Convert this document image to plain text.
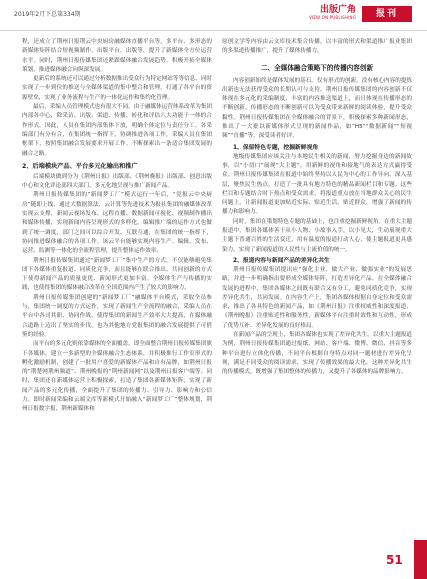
2019年2月下总第334期	出版广角
VIEW ON PUBLISHING	报刊

程，还成立了荆州日报荆云中央厨房融媒体直播平台等。多平台、多形态的新媒体矩阵结合短视频制作、出版平台、出版等，提升了新媒体全方位运营水平。同时，荆州日报传媒集团还紧跟媒体融合发展趋势，积极开拓全媒体策划，推进媒体融合向纵深发展。

更新后的系统还可以通过分析数据推出受众行为特定网站等等信息，同时实现了一步到位的推送与全媒体渠道的集中整合和管理，打通了各平台的资源壁垒，实现了业务流程与生产的一体化运作和集约化管理。

最后，采编人员管理模式也有很大不同，由于融媒体运营体系改革为集团内部各中心，除采访、出版、渠道、传播、转化和评估六大功能于一体的合作形式。因此，人员在集团内部集体下放，明确个体定位与责任分工。各采编部门有分有合，在集团统一指挥下，协调推进各项工作，采编人员在集团框架下，按照集团融合发展要求开展工作。不断探索出一条适合集团发展的融合之路。

2、后端模块产品、平台多元化输出和推广

后端模块做到分为《荆州日报》出版部、《荆州晚报》出版部、创意出版中心和文化评论部四大部门，多元化地呈现与推广新闻产品。

荆州日报传媒集团的“新闻梦工厂”模式运行一年后，“党报云中央厨房”随即上线，通过大数据算法、云计算等先进技术为报社集团的融媒体改革实现云支撑，新闻云视场发布、远程直播、数据新闻可视化、视频制作播出和媒体传播，实现新闻内容呈现形式的多样化。编辑推广端的运作方式也做到了统一调度，部门之间可以综合开发、互联互通，在集团的统一指挥下，协同推进媒体融合的各项工作。该云平台能够实现内容生产、编辑、发布、运营、监测等一体化的全流程管理，提升整体运作效率。

荆州日报传媒集团通过“新闻梦工厂”集中生产的方式，不仅能够避免集团下各媒体重复报道、同质化竞争，而且能够在联合推出、共同创新的方式下使得新闻产品的质量更优、新闻形式更加丰富。全媒体生产与传播的实践，也使得集团的媒体融合改革在全国范围内产生了较大的影响力。

荆州日报传媒集团创建的“新闻梦工厂”融媒体平台模式，采取全员参与，集团统一调度的方式运作，实现了新闻生产全流程的融合，采编人员在平台中各司其职、协同作战，使得集团的新闻生产效率大大提高，在媒体融合道路上迈出了坚实的步伐，也为其他地方党报集团的融合发展提供了可借鉴的经验。

而平台的多元化则依靠媒体的全面覆盖，即全面整合荆州日报传媒集团旗下各媒体，建立一多新型的全媒体融合生态体系，并积极推行工作室形式的孵化激励机制，创建了一批用户喜爱的新媒体产品和自有品牌，如荆州日报的“荆楚网荆州频道”、荆州晚报的“荆州新闻网”以及荆州日报客户端等。同时，集团还在新媒体运营上积极探索，打造了集团各新媒体矩阵，实现了新闻产品的多元化传播，全面提升了集团的传播力、引导力、影响力和公信力。即时新闻采编和云端文库等新模式开始融入“新闻梦工厂”整体规划，荆州日报数字报、荆州新媒体和

原创文学等内容由云文库技术集合传播，以丰富的形式和渠道推广报业集团的多渠道传播推广，提升了媒体传播力。

二、全媒体融合策略下的传播内容创新

内容创新始终是媒体发展的基石。仅有形式的创新，没有核心内容的提炼出新也无法获得受众的长期认可与支持。荆州日报传媒集团的内容创新不仅体现在多元化的采编制度、丰富的内容推送渠道上，而且体现在传播形态的不断创新。传播形态的不断创新可以为受众带来新鲜的阅读体验，提升受众黏性。荆州日报传媒集团在全媒体融合的背景下，积极探索多种新闻形态，推出了一大批以新媒体形式呈现的新闻作品，如“H5”“数据新闻”“短视频”“直播”等，深受读者好评。

1、保留特色专题，挖掘新鲜视角

地级传媒集团应该关注与本地民生相关的新闻，努力挖掘身边的新闻故事，以“小切口”展现“大主题”，用新鲜的视角和接地气的表达方式赢得受众。荆州日报传媒集团在报道中始终坚持以人民为中心的工作导向，深入基层，聚焦民生热点，打造了一批具有地方特色的精品新闻栏目和专题。这些栏目和专题结合时下热点和受众需求，将报道重点放在当地群众关心的民生问题上，让新闻报道更加贴近实际、贴近生活、贴近群众，增强了新闻的传播力和影响力。

同时，集团在策划特色专题的基础上，也注重挖掘新鲜视角。在重大主题报道中，集团各媒体善于从小人物、小故事入手，以小见大，生动展现重大主题下普通百姓的生活变迁，用有温度的报道打动人心，使主题报道更具感染力，实现了新闻报道的人民性与主流价值的统一。

2、报道内容与新闻产品的差异化共生

荆州日报传媒集团提出应“强化主业、做大产业、做强实业”的发展思路，并进一步明确指出要形成全媒体矩阵，打造差异化产品。在全媒体融合发展的进程中，集团各媒体之间既有联合又有分工，避免同质化竞争，实现差异化共生，共同发展。在内容生产上，集团各媒体根据自身定位和受众需求，推出了各具特色的新闻产品，如《荆州日报》注重权威性和深度报道，《荆州晚报》注重贴近性和服务性，新媒体平台注重时效性和互动性，形成了优势互补、差异化发展的良好格局。

在新闻产品的呈现上，集团各媒体也实现了差异化共生。以重大主题报道为例，荆州日报传媒集团通过报纸、网站、客户端、微博、微信、抖音等多种平台进行立体化传播，不同平台根据自身特点对同一题材进行差异化呈现，满足不同受众的阅读需求，实现了传播效果的最大化。这种差异化共生的传播模式，既增强了集团整体的传播力，又提升了各媒体的品牌影响力。

51
